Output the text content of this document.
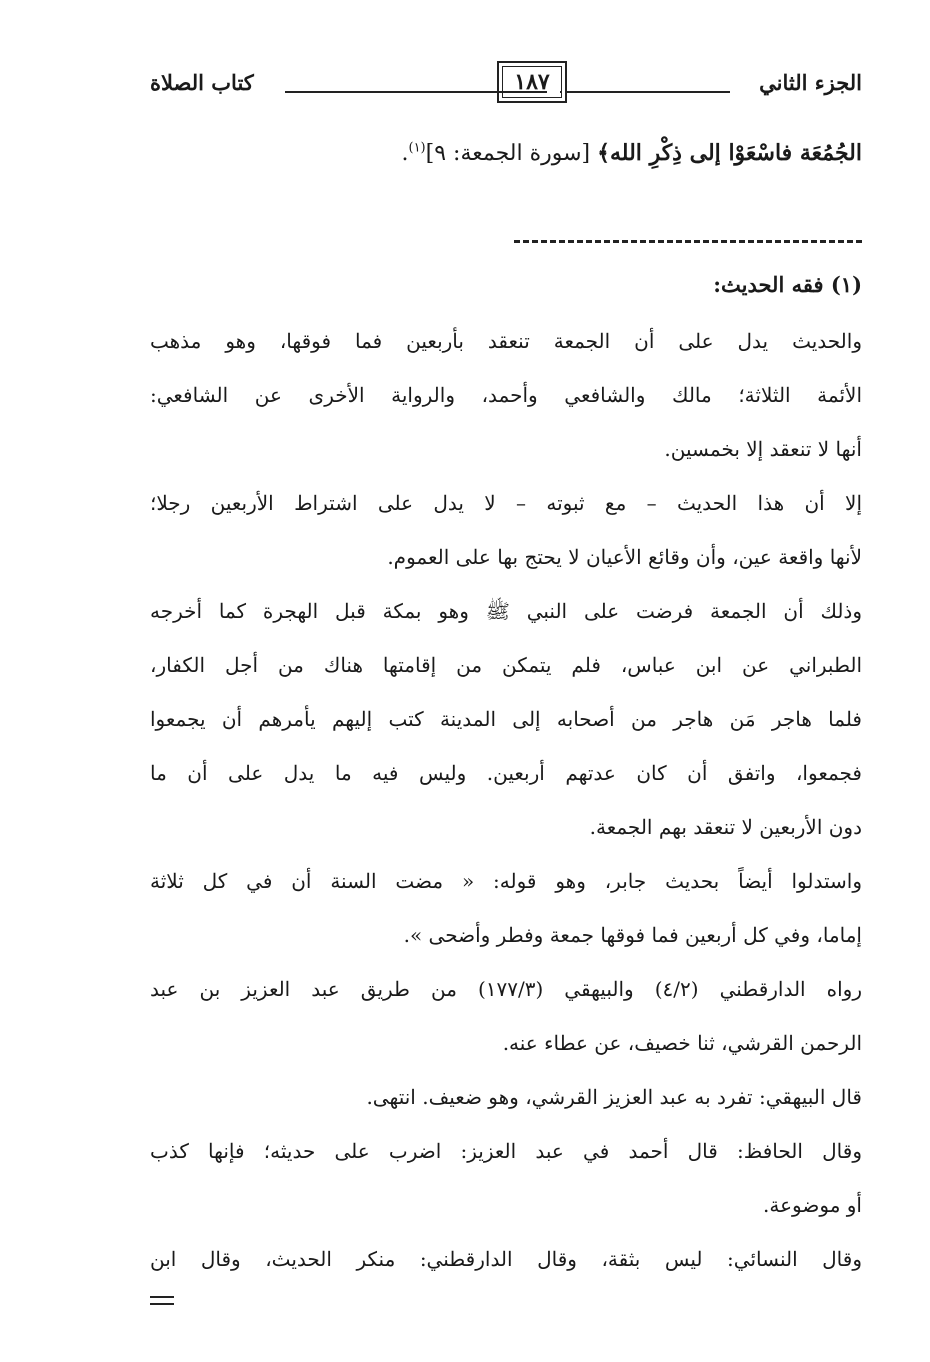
الجزء الثاني
١٨٧
كتاب الصلاة
الجُمُعَة فاسْعَوْا إلى ذِكْرِ الله﴾ [سورة الجمعة: ٩]$^{(١)}$.
(١) فقه الحديث:
والحديث يدل على أن الجمعة تنعقد بأربعين فما فوقها، وهو مذهب
الأئمة الثلاثة؛ مالك والشافعي وأحمد، والرواية الأخرى عن الشافعي:
أنها لا تنعقد إلا بخمسين.
إلا أن هذا الحديث – مع ثبوته – لا يدل على اشتراط الأربعين رجلا؛
لأنها واقعة عين، وأن وقائع الأعيان لا يحتج بها على العموم.
وذلك أن الجمعة فرضت على النبي ﷺ وهو بمكة قبل الهجرة كما أخرجه
الطبراني عن ابن عباس، فلم يتمكن من إقامتها هناك من أجل الكفار،
فلما هاجر مَن هاجر من أصحابه إلى المدينة كتب إليهم يأمرهم أن يجمعوا
فجمعوا، واتفق أن كان عدتهم أربعين. وليس فيه ما يدل على أن ما
دون الأربعين لا تنعقد بهم الجمعة.
واستدلوا أيضاً بحديث جابر، وهو قوله: « مضت السنة أن في كل ثلاثة
إماما، وفي كل أربعين فما فوقها جمعة وفطر وأضحى ».
رواه الدارقطني (٤/٢) والبيهقي (١٧٧/٣) من طريق عبد العزيز بن عبد
الرحمن القرشي، ثنا خصيف، عن عطاء عنه.
قال البيهقي: تفرد به عبد العزيز القرشي، وهو ضعيف. انتهى.
وقال الحافظ: قال أحمد في عبد العزيز: اضرب على حديثه؛ فإنها كذب
أو موضوعة.
وقال النسائي: ليس بثقة، وقال الدارقطني: منكر الحديث، وقال ابن
